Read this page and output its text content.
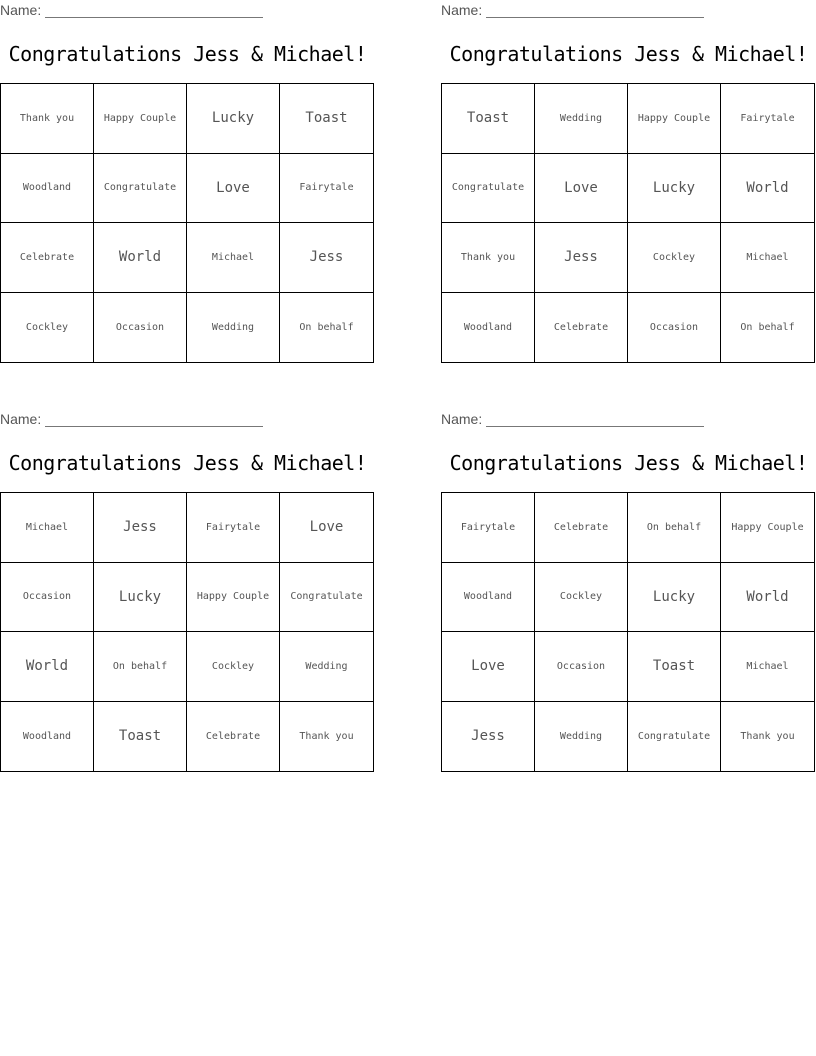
Name:
Congratulations Jess & Michael!
Thank you	Happy Couple	Lucky	Toast
Woodland	Congratulate	Love	Fairytale
Celebrate	World	Michael	Jess
Cockley	Occasion	Wedding	On behalf
Name:
Congratulations Jess & Michael!
Toast	Wedding	Happy Couple	Fairytale
Congratulate	Love	Lucky	World
Thank you	Jess	Cockley	Michael
Woodland	Celebrate	Occasion	On behalf
Name:
Congratulations Jess & Michael!
Michael	Jess	Fairytale	Love
Occasion	Lucky	Happy Couple	Congratulate
World	On behalf	Cockley	Wedding
Woodland	Toast	Celebrate	Thank you
Name:
Congratulations Jess & Michael!
Fairytale	Celebrate	On behalf	Happy Couple
Woodland	Cockley	Lucky	World
Love	Occasion	Toast	Michael
Jess	Wedding	Congratulate	Thank you
